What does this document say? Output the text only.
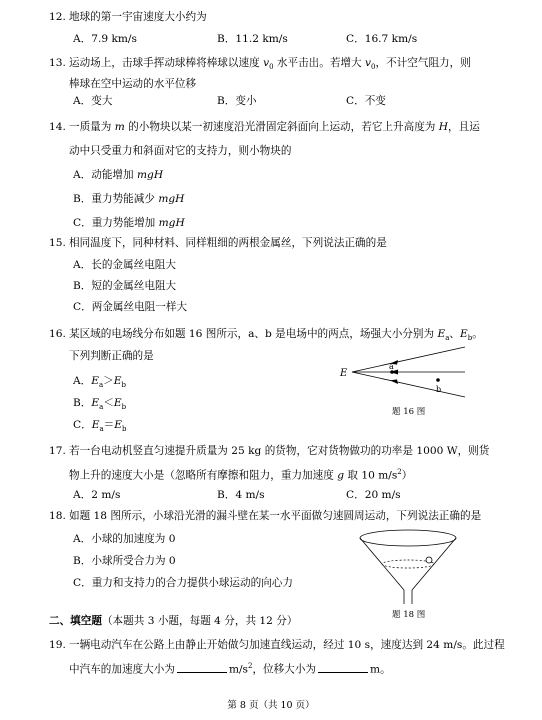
12. 地球的第一宇宙速度大小约为
A．7.9 km/s	B．11.2 km/s	C．16.7 km/s
13. 运动场上，击球手挥动球棒将棒球以速度 $v_0$ 水平击出。若增大 $v_0$，不计空气阻力，则
棒球在空中运动的水平位移
A．变大	B．变小	C．不变
14. 一质量为 m 的小物块以某一初速度沿光滑固定斜面向上运动，若它上升高度为 H，且运
动中只受重力和斜面对它的支持力，则小物块的
A．动能增加 mgH
B．重力势能减少 mgH
C．重力势能增加 mgH
15. 相同温度下，同种材料、同样粗细的两根金属丝，下列说法正确的是
A．长的金属丝电阻大
B．短的金属丝电阻大
C．两金属丝电阻一样大
16. 某区域的电场线分布如题 16 图所示，a、b 是电场中的两点，场强大小分别为 $E_a$、$E_b$。
下列判断正确的是
A．$E_a>E_b$
B．$E_a<E_b$
C．$E_a=E_b$
E
a
b
题 16 图
17. 若一台电动机竖直匀速提升质量为 25 kg 的货物，它对货物做功的功率是 1000 W，则货
物上升的速度大小是（忽略所有摩擦和阻力，重力加速度 g 取 10 $m/s^2$）
A．2 m/s	B．4 m/s	C．20 m/s
18. 如题 18 图所示，小球沿光滑的漏斗壁在某一水平面做匀速圆周运动，下列说法正确的是
A．小球的加速度为 0
B．小球所受合力为 0
C．重力和支持力的合力提供小球运动的向心力
题 18 图
二、填空题（本题共 3 小题，每题 4 分，共 12 分）
19. 一辆电动汽车在公路上由静止开始做匀加速直线运动，经过 10 s，速度达到 24 m/s。此过程
中汽车的加速度大小为	$m/s^2$，位移大小为	m。
第 8 页（共 10 页）
